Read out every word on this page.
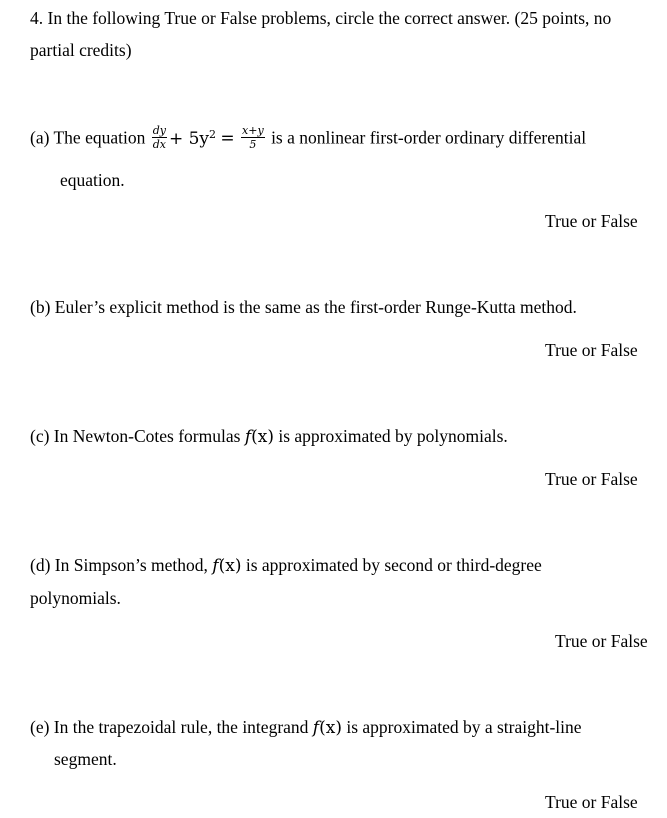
4. In the following True or False problems, circle the correct answer. (25 points, no
partial credits)
(a) The equation $\frac{dy}{dx} + 5y^2 = \frac{x+y}{5}$ is a nonlinear first-order ordinary differential
equation.
True or False
(b) Euler’s explicit method is the same as the first-order Runge-Kutta method.
True or False
(c) In Newton-Cotes formulas f(x) is approximated by polynomials.
True or False
(d) In Simpson’s method, f(x) is approximated by second or third-degree
polynomials.
True or False
(e) In the trapezoidal rule, the integrand f(x) is approximated by a straight-line
segment.
True or False
